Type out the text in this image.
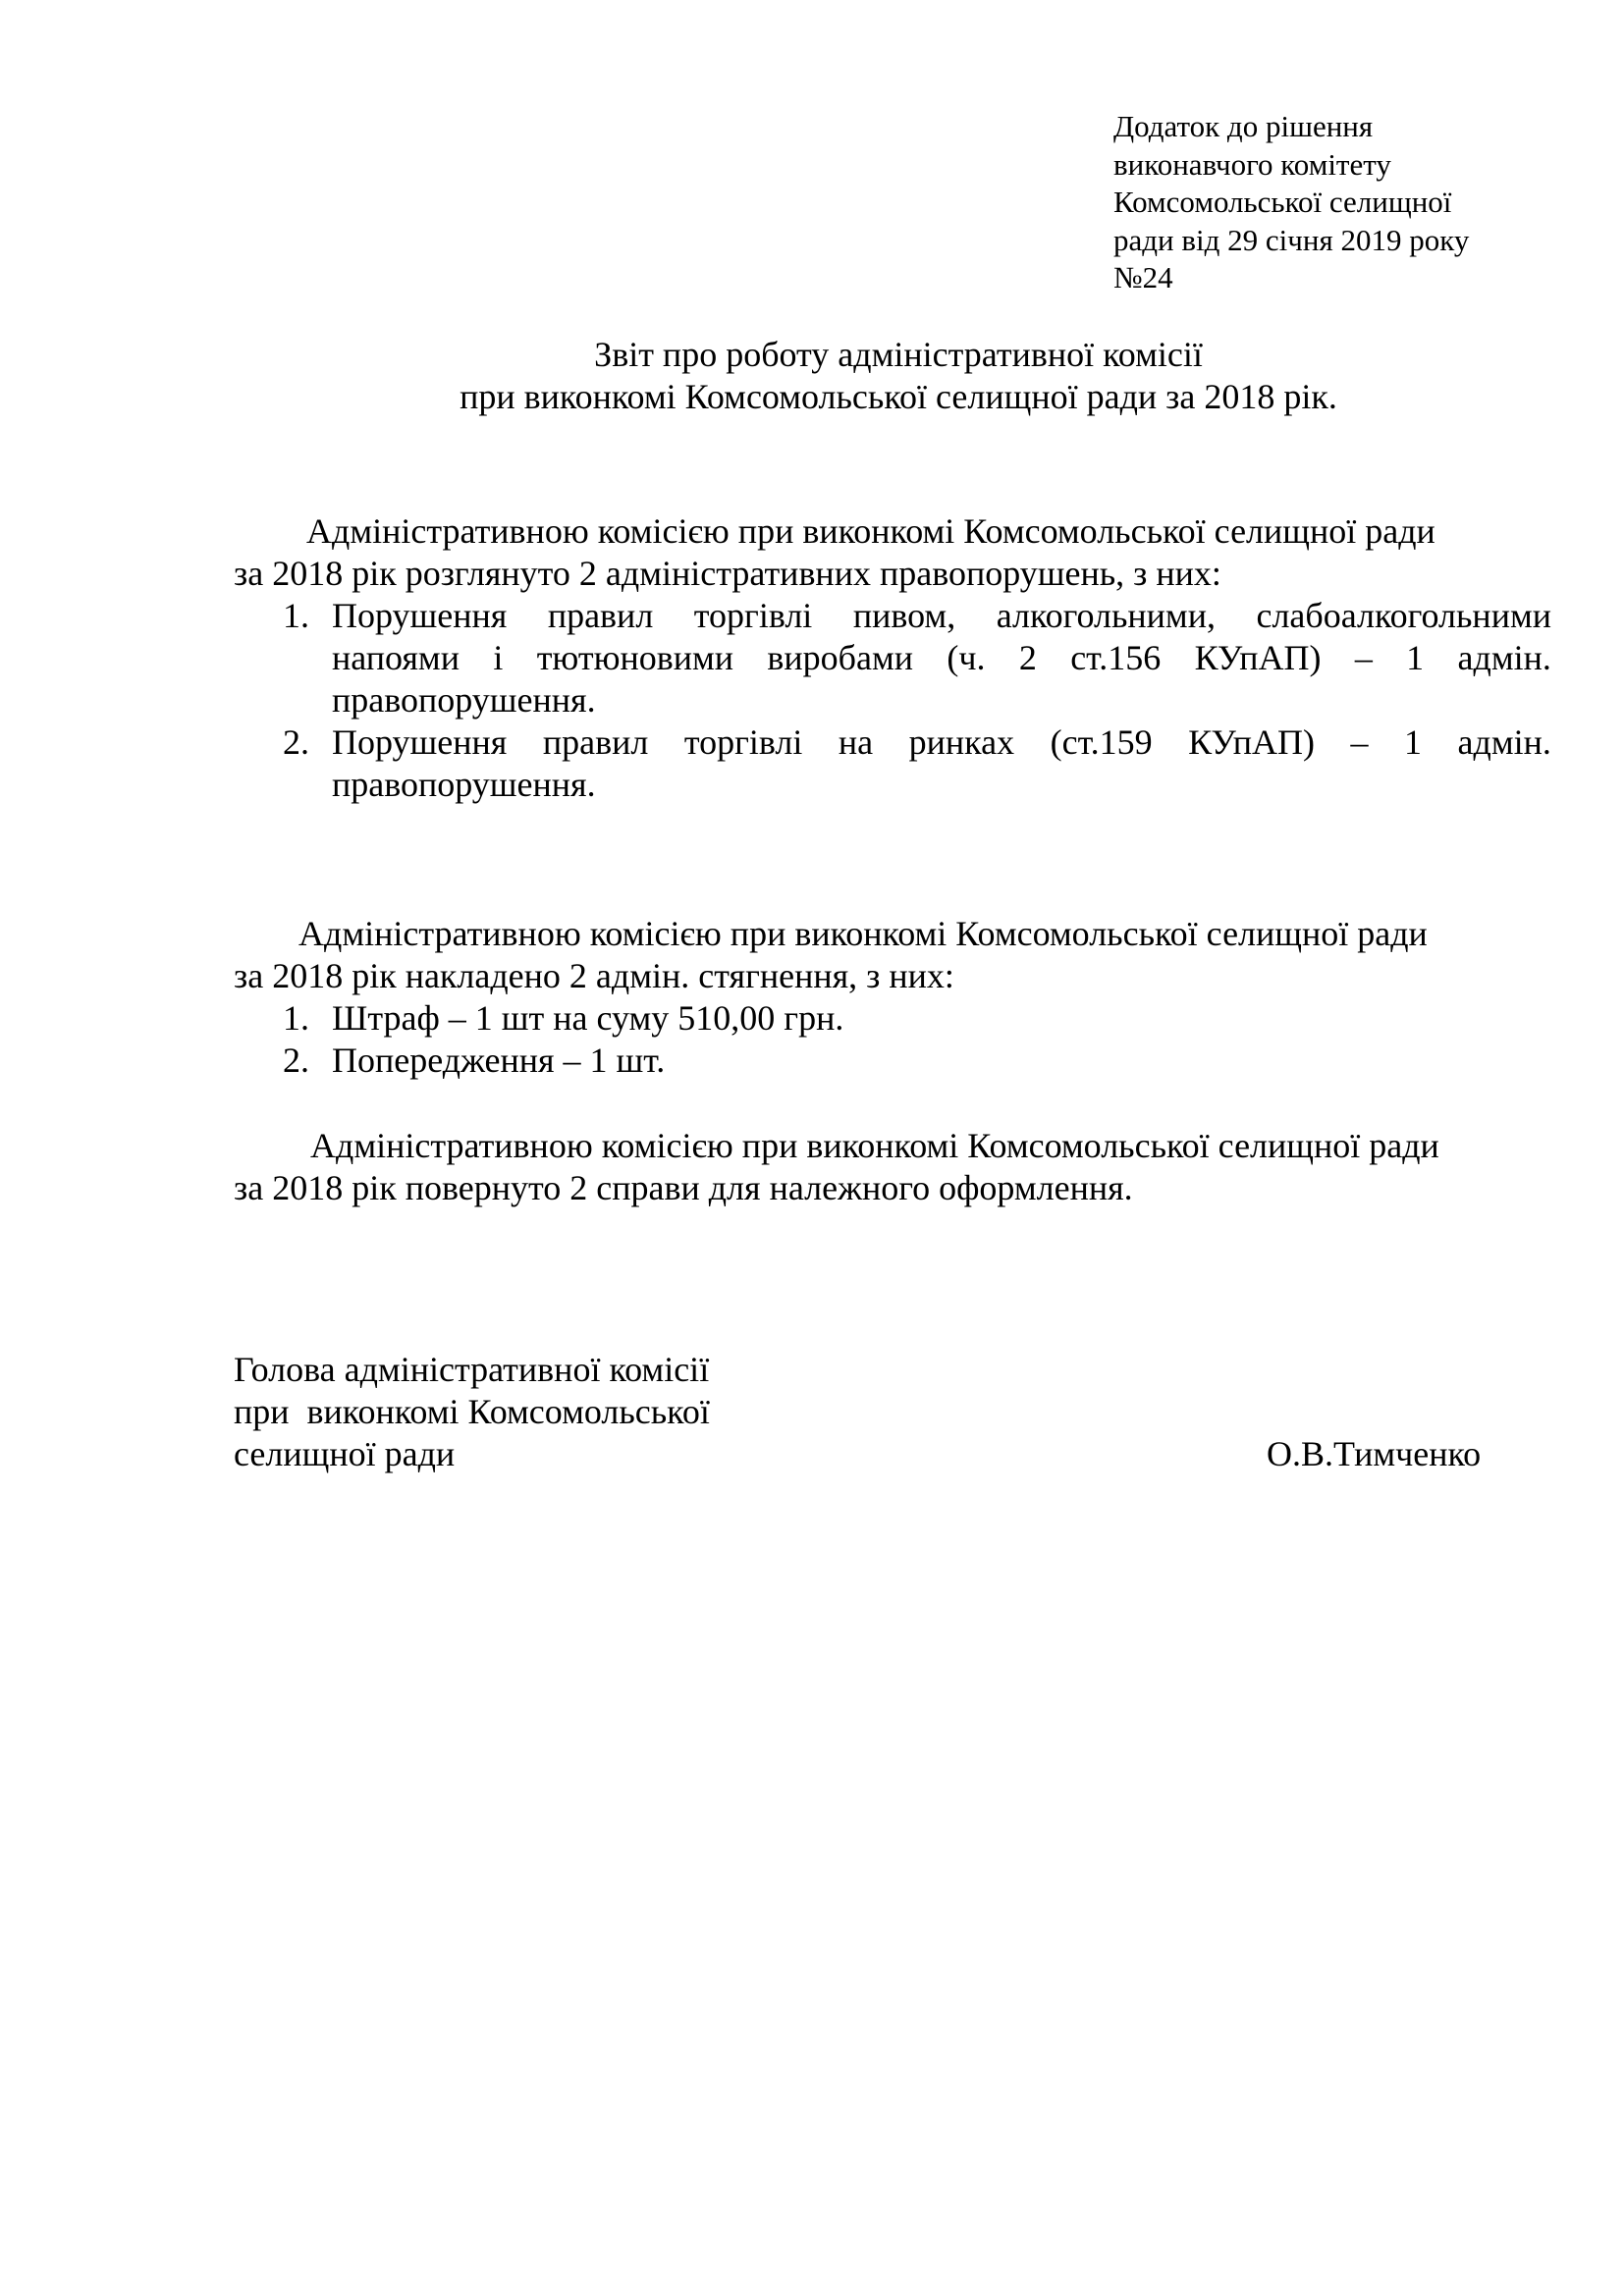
Додаток до рішення
виконавчого комітету
Комсомольської селищної
ради від 29 січня 2019 року
№24
Звіт про роботу адміністративної комісії
при виконкомі Комсомольської селищної ради за 2018 рік.
Адміністративною комісією при виконкомі Комсомольської селищної ради
за 2018 рік розглянуто 2 адміністративних правопорушень, з них:
1. Порушення правил торгівлі пивом, алкогольними, слабоалкогольними
напоями і тютюновими виробами (ч. 2 ст.156 КУпАП) – 1 адмін.
правопорушення.
2. Порушення правил торгівлі на ринках (ст.159 КУпАП) – 1 адмін.
правопорушення.
Адміністративною комісією при виконкомі Комсомольської селищної ради
за 2018 рік накладено 2 адмін. стягнення, з них:
1. Штраф – 1 шт на суму 510,00 грн.
2. Попередження – 1 шт.
Адміністративною комісією при виконкомі Комсомольської селищної ради
за 2018 рік повернуто 2 справи для належного оформлення.
Голова адміністративної комісії
при  виконкомі Комсомольської
селищної ради	О.В.Тимченко
